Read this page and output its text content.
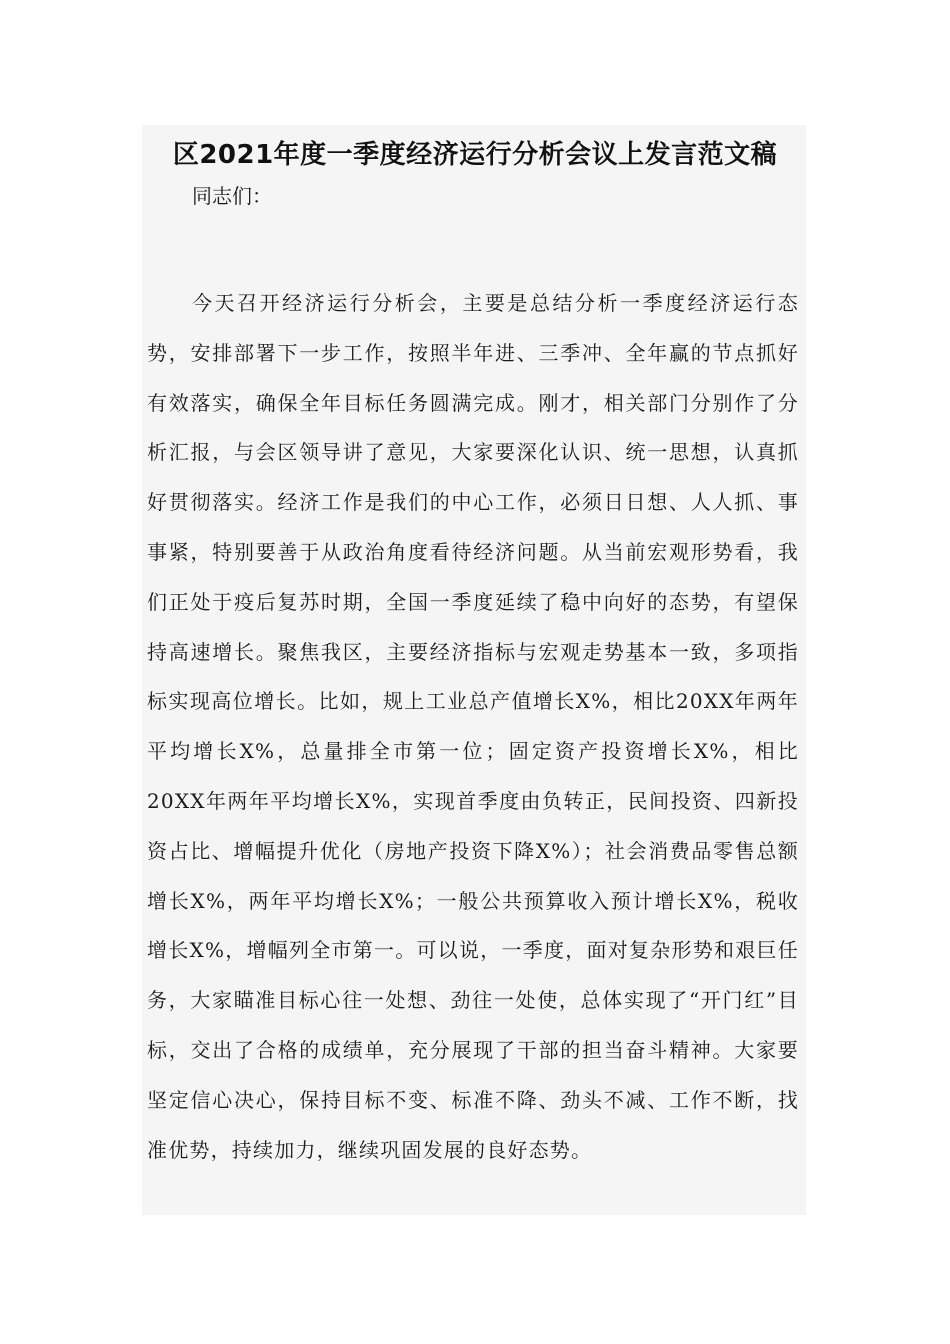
区2021年度一季度经济运行分析会议上发言范文稿

同志们：

今天召开经济运行分析会，主要是总结分析一季度经济运行态势，安排部署下一步工作，按照半年进、三季冲、全年赢的节点抓好有效落实，确保全年目标任务圆满完成。刚才，相关部门分别作了分析汇报，与会区领导讲了意见，大家要深化认识、统一思想，认真抓好贯彻落实。经济工作是我们的中心工作，必须日日想、人人抓、事事紧，特别要善于从政治角度看待经济问题。从当前宏观形势看，我们正处于疫后复苏时期，全国一季度延续了稳中向好的态势，有望保持高速增长。聚焦我区，主要经济指标与宏观走势基本一致，多项指标实现高位增长。比如，规上工业总产值增长X%，相比20XX年两年平均增长X%，总量排全市第一位；固定资产投资增长X%，相比20XX年两年平均增长X%，实现首季度由负转正，民间投资、四新投资占比、增幅提升优化（房地产投资下降X%）；社会消费品零售总额增长X%，两年平均增长X%；一般公共预算收入预计增长X%，税收增长X%，增幅列全市第一。可以说，一季度，面对复杂形势和艰巨任务，大家瞄准目标心往一处想、劲往一处使，总体实现了“开门红”目标，交出了合格的成绩单，充分展现了干部的担当奋斗精神。大家要坚定信心决心，保持目标不变、标准不降、劲头不减、工作不断，找准优势，持续加力，继续巩固发展的良好态势。
